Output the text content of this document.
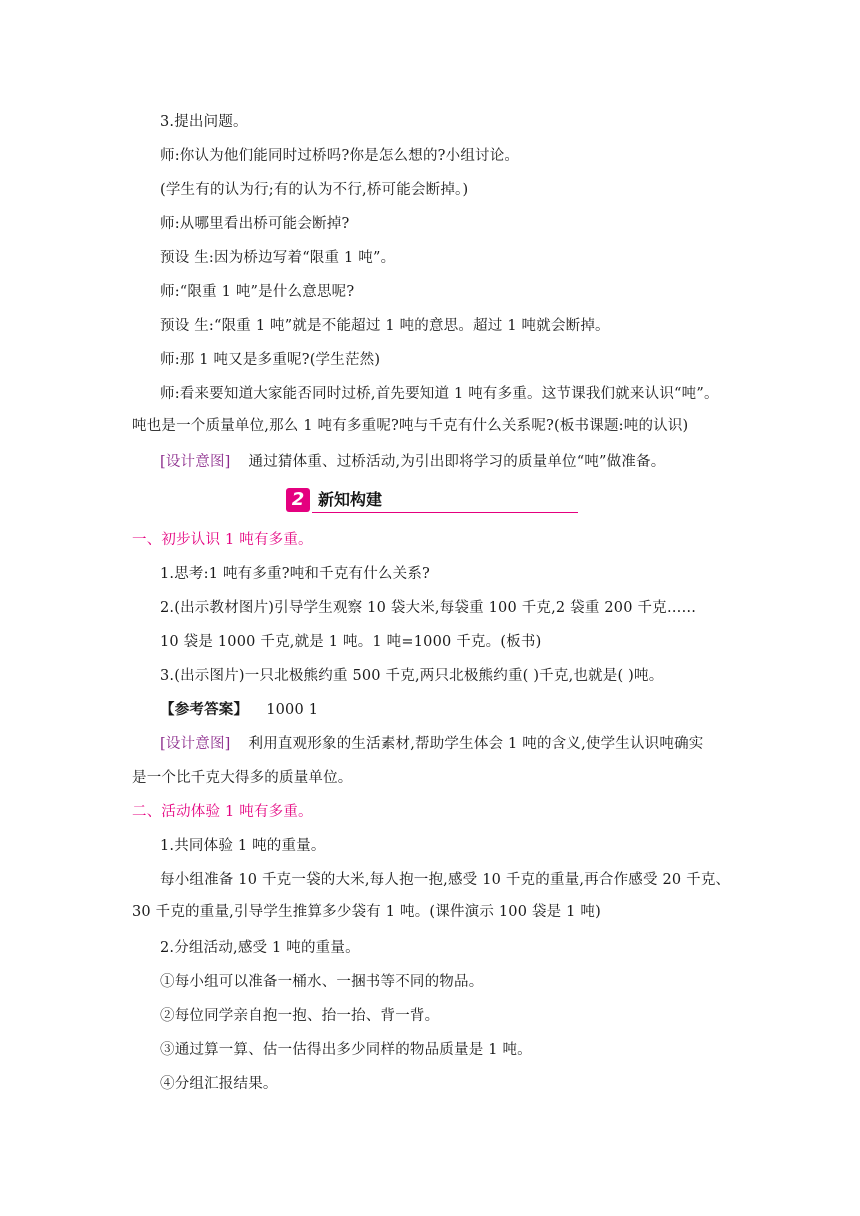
3.提出问题。
师:你认为他们能同时过桥吗?你是怎么想的?小组讨论。
(学生有的认为行;有的认为不行,桥可能会断掉。)
师:从哪里看出桥可能会断掉?
预设 生:因为桥边写着“限重 1 吨”。
师:“限重 1 吨”是什么意思呢?
预设 生:“限重 1 吨”就是不能超过 1 吨的意思。超过 1 吨就会断掉。
师:那 1 吨又是多重呢?(学生茫然)
师:看来要知道大家能否同时过桥,首先要知道 1 吨有多重。这节课我们就来认识“吨”。
吨也是一个质量单位,那么 1 吨有多重呢?吨与千克有什么关系呢?(板书课题:吨的认识)
[设计意图] 通过猜体重、过桥活动,为引出即将学习的质量单位“吨”做准备。
2 新知构建
一、初步认识 1 吨有多重。
1.思考:1 吨有多重?吨和千克有什么关系?
2.(出示教材图片)引导学生观察 10 袋大米,每袋重 100 千克,2 袋重 200 千克……
10 袋是 1000 千克,就是 1 吨。1 吨=1000 千克。(板书)
3.(出示图片)一只北极熊约重 500 千克,两只北极熊约重( )千克,也就是( )吨。
【参考答案】 1000 1
[设计意图] 利用直观形象的生活素材,帮助学生体会 1 吨的含义,使学生认识吨确实
是一个比千克大得多的质量单位。
二、活动体验 1 吨有多重。
1.共同体验 1 吨的重量。
每小组准备 10 千克一袋的大米,每人抱一抱,感受 10 千克的重量,再合作感受 20 千克、
30 千克的重量,引导学生推算多少袋有 1 吨。(课件演示 100 袋是 1 吨)
2.分组活动,感受 1 吨的重量。
①每小组可以准备一桶水、一捆书等不同的物品。
②每位同学亲自抱一抱、抬一抬、背一背。
③通过算一算、估一估得出多少同样的物品质量是 1 吨。
④分组汇报结果。
